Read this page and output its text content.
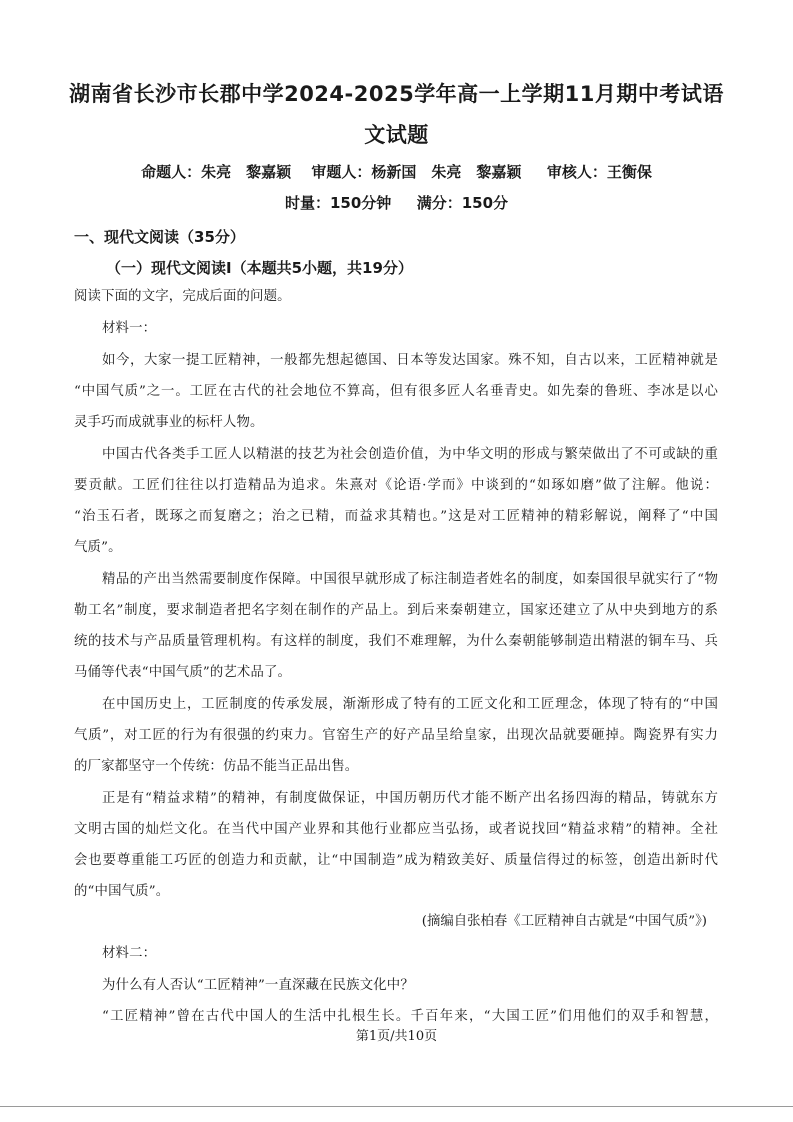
湖南省长沙市长郡中学2024-2025学年高一上学期11月期中考试语
文试题
命题人：朱亮　黎嘉颖　 审题人：杨新国　朱亮　黎嘉颖 　 审核人：王衡保
时量：150分钟 　 满分：150分
一、现代文阅读（35分）
（一）现代文阅读Ⅰ（本题共5小题，共19分）
阅读下面的文字，完成后面的问题。
材料一：
如今，大家一提工匠精神，一般都先想起德国、日本等发达国家。殊不知，自古以来，工匠精神就是
“中国气质”之一。工匠在古代的社会地位不算高，但有很多匠人名垂青史。如先秦的鲁班、李冰是以心
灵手巧而成就事业的标杆人物。
中国古代各类手工匠人以精湛的技艺为社会创造价值，为中华文明的形成与繁荣做出了不可或缺的重
要贡献。工匠们往往以打造精品为追求。朱熹对《论语·学而》中谈到的“如琢如磨”做了注解。他说：
“治玉石者，既琢之而复磨之；治之已精，而益求其精也。”这是对工匠精神的精彩解说，阐释了“中国
气质”。
精品的产出当然需要制度作保障。中国很早就形成了标注制造者姓名的制度，如秦国很早就实行了“物
勒工名”制度，要求制造者把名字刻在制作的产品上。到后来秦朝建立，国家还建立了从中央到地方的系
统的技术与产品质量管理机构。有这样的制度，我们不难理解，为什么秦朝能够制造出精湛的铜车马、兵
马俑等代表“中国气质”的艺术品了。
在中国历史上，工匠制度的传承发展，渐渐形成了特有的工匠文化和工匠理念，体现了特有的“中国
气质”，对工匠的行为有很强的约束力。官窑生产的好产品呈给皇家，出现次品就要砸掉。陶瓷界有实力
的厂家都坚守一个传统：仿品不能当正品出售。
正是有“精益求精”的精神，有制度做保证，中国历朝历代才能不断产出名扬四海的精品，铸就东方
文明古国的灿烂文化。在当代中国产业界和其他行业都应当弘扬，或者说找回“精益求精”的精神。全社
会也要尊重能工巧匠的创造力和贡献，让“中国制造”成为精致美好、质量信得过的标签，创造出新时代
的“中国气质”。
(摘编自张柏春《工匠精神自古就是“中国气质”》)
材料二：
为什么有人否认“工匠精神”一直深藏在民族文化中？
“工匠精神”曾在古代中国人的生活中扎根生长。千百年来，“大国工匠”们用他们的双手和智慧，
第1页/共10页
